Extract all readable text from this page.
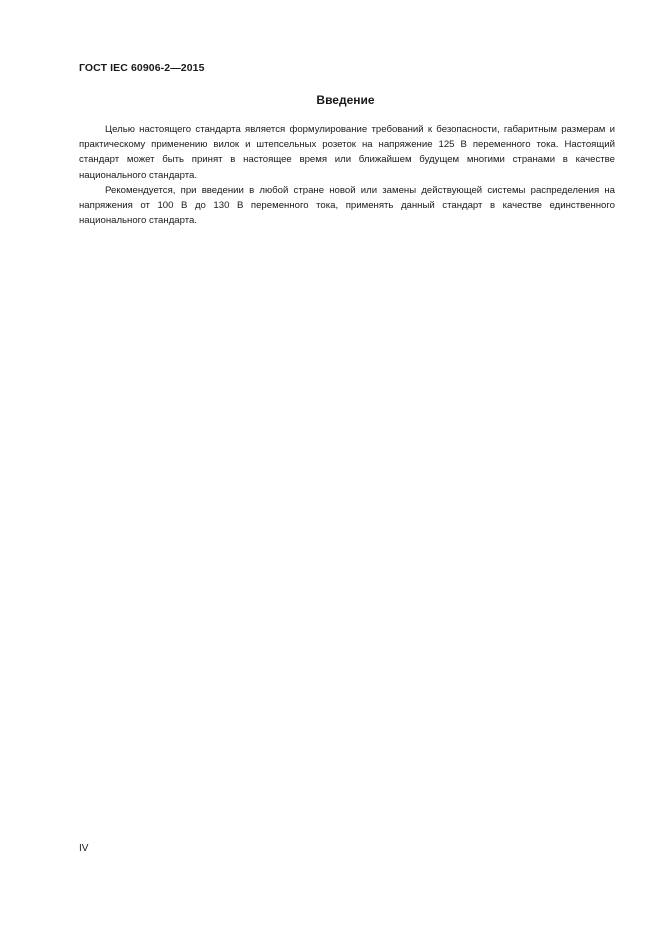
ГОСТ IEC 60906-2—2015
Введение

Целью настоящего стандарта является формулирование требований к безопасности, габаритным размерам и практическому применению вилок и штепсельных розеток на напряжение 125 В переменного тока. Настоящий стандарт может быть принят в настоящее время или ближайшем будущем многими странами в качестве национального стандарта.

Рекомендуется, при введении в любой стране новой или замены действующей системы распределения на напряжения от 100 В до 130 В переменного тока, применять данный стандарт в качестве единственного национального стандарта.

IV
